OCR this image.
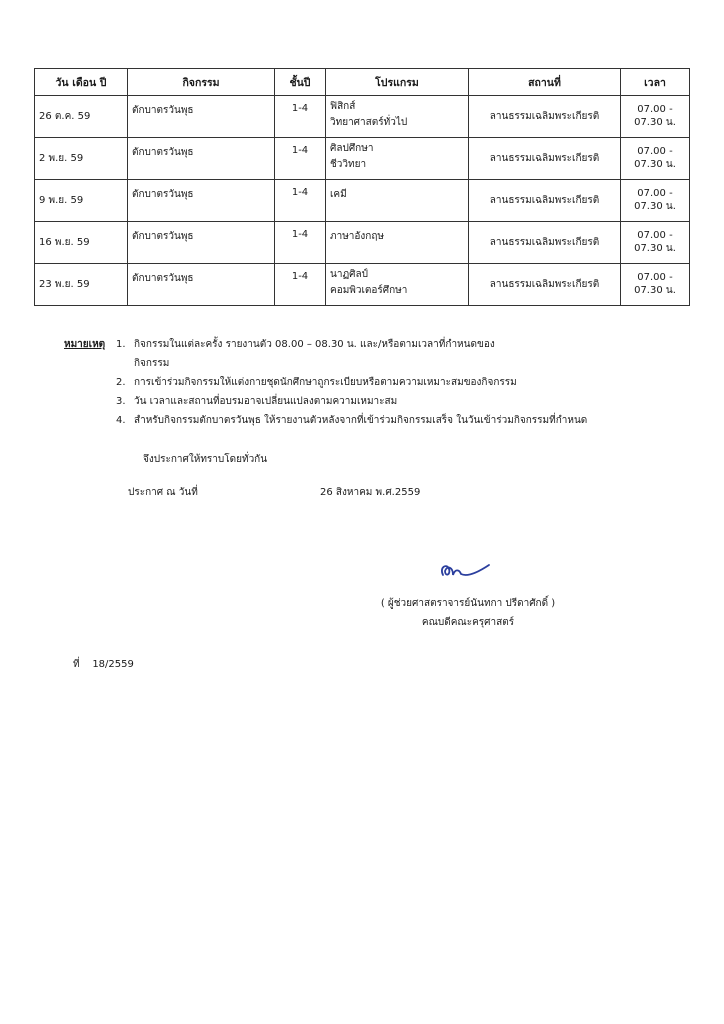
วัน เดือน ปี	กิจกรรม	ชั้นปี	โปรแกรม	สถานที่	เวลา
26 ต.ค. 59	ตักบาตรวันพุธ	1-4	ฟิสิกส์
วิทยาศาสตร์ทั่วไป	ลานธรรมเฉลิมพระเกียรติ	07.00 - 07.30 น.
2 พ.ย. 59	ตักบาตรวันพุธ	1-4	ศิลปศึกษา
ชีววิทยา	ลานธรรมเฉลิมพระเกียรติ	07.00 - 07.30 น.
9 พ.ย. 59	ตักบาตรวันพุธ	1-4	เคมี	ลานธรรมเฉลิมพระเกียรติ	07.00 - 07.30 น.
16 พ.ย. 59	ตักบาตรวันพุธ	1-4	ภาษาอังกฤษ	ลานธรรมเฉลิมพระเกียรติ	07.00 - 07.30 น.
23 พ.ย. 59	ตักบาตรวันพุธ	1-4	นาฏศิลป์
คอมพิวเตอร์ศึกษา	ลานธรรมเฉลิมพระเกียรติ	07.00 - 07.30 น.
หมายเหตุ	1. กิจกรรมในแต่ละครั้ง รายงานตัว 08.00 – 08.30 น. และ/หรือตามเวลาที่กำหนดของ
กิจกรรม
2. การเข้าร่วมกิจกรรมให้แต่งกายชุดนักศึกษาถูกระเบียบหรือตามความเหมาะสมของกิจกรรม
3. วัน เวลาและสถานที่อบรมอาจเปลี่ยนแปลงตามความเหมาะสม
4. สำหรับกิจกรรมตักบาตรวันพุธ ให้รายงานตัวหลังจากที่เข้าร่วมกิจกรรมเสร็จ ในวันเข้าร่วมกิจกรรมที่กำหนด
จึงประกาศให้ทราบโดยทั่วกัน
ประกาศ ณ วันที่	26 สิงหาคม พ.ศ.2559
( ผู้ช่วยศาสตราจารย์นันทกา ปรีดาศักดิ์ )
คณบดีคณะครุศาสตร์
ที่ 18/2559
